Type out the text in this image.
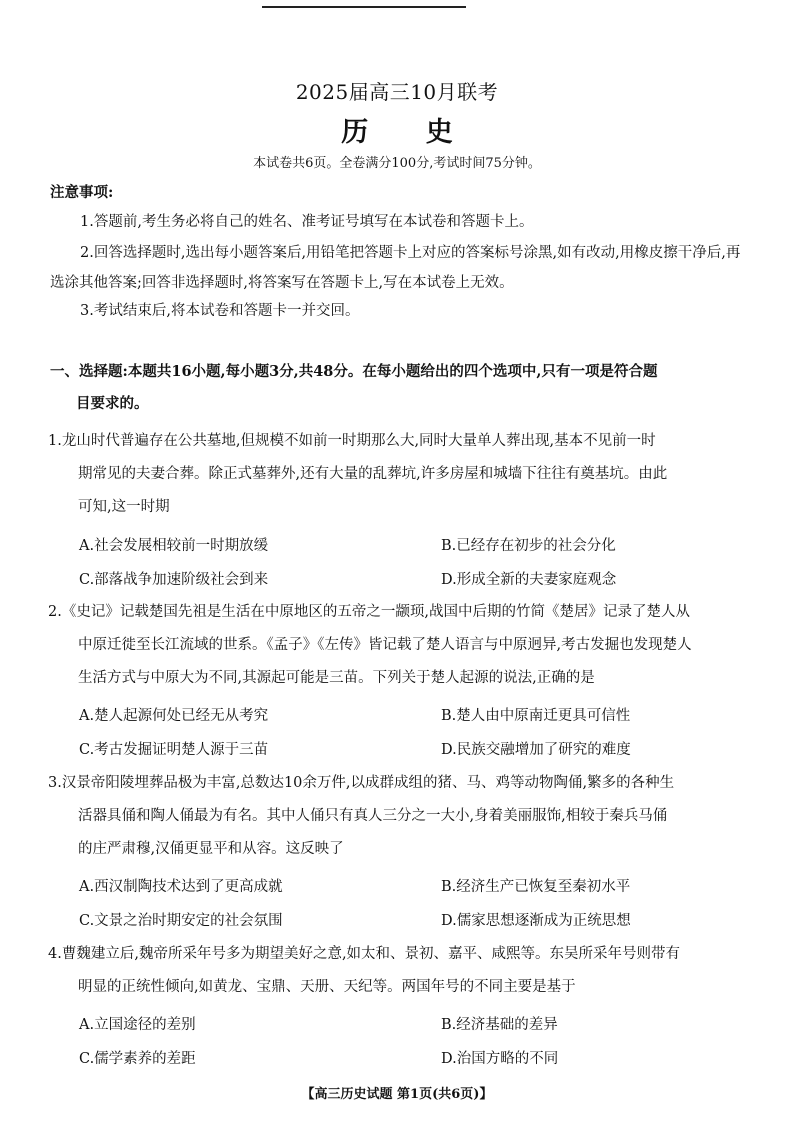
2025届高三10月联考
历 史
本试卷共6页。全卷满分100分,考试时间75分钟。
注意事项:
1.答题前,考生务必将自己的姓名、准考证号填写在本试卷和答题卡上。
2.回答选择题时,选出每小题答案后,用铅笔把答题卡上对应的答案标号涂黑,如有改动,用橡皮擦干净后,再选涂其他答案;回答非选择题时,将答案写在答题卡上,写在本试卷上无效。
3.考试结束后,将本试卷和答题卡一并交回。
一、选择题:本题共16小题,每小题3分,共48分。在每小题给出的四个选项中,只有一项是符合题
目要求的。
1.龙山时代普遍存在公共墓地,但规模不如前一时期那么大,同时大量单人葬出现,基本不见前一时
期常见的夫妻合葬。除正式墓葬外,还有大量的乱葬坑,许多房屋和城墙下往往有奠基坑。由此
可知,这一时期
A.社会发展相较前一时期放缓	B.已经存在初步的社会分化
C.部落战争加速阶级社会到来	D.形成全新的夫妻家庭观念
2.《史记》记载楚国先祖是生活在中原地区的五帝之一颛顼,战国中后期的竹简《楚居》记录了楚人从
中原迁徙至长江流域的世系。《孟子》《左传》皆记载了楚人语言与中原迥异,考古发掘也发现楚人
生活方式与中原大为不同,其源起可能是三苗。下列关于楚人起源的说法,正确的是
A.楚人起源何处已经无从考究	B.楚人由中原南迁更具可信性
C.考古发掘证明楚人源于三苗	D.民族交融增加了研究的难度
3.汉景帝阳陵埋葬品极为丰富,总数达10余万件,以成群成组的猪、马、鸡等动物陶俑,繁多的各种生
活器具俑和陶人俑最为有名。其中人俑只有真人三分之一大小,身着美丽服饰,相较于秦兵马俑
的庄严肃穆,汉俑更显平和从容。这反映了
A.西汉制陶技术达到了更高成就	B.经济生产已恢复至秦初水平
C.文景之治时期安定的社会氛围	D.儒家思想逐渐成为正统思想
4.曹魏建立后,魏帝所采年号多为期望美好之意,如太和、景初、嘉平、咸熙等。东吴所采年号则带有
明显的正统性倾向,如黄龙、宝鼎、天册、天纪等。两国年号的不同主要是基于
A.立国途径的差别	B.经济基础的差异
C.儒学素养的差距	D.治国方略的不同
【高三历史试题 第1页(共6页)】
